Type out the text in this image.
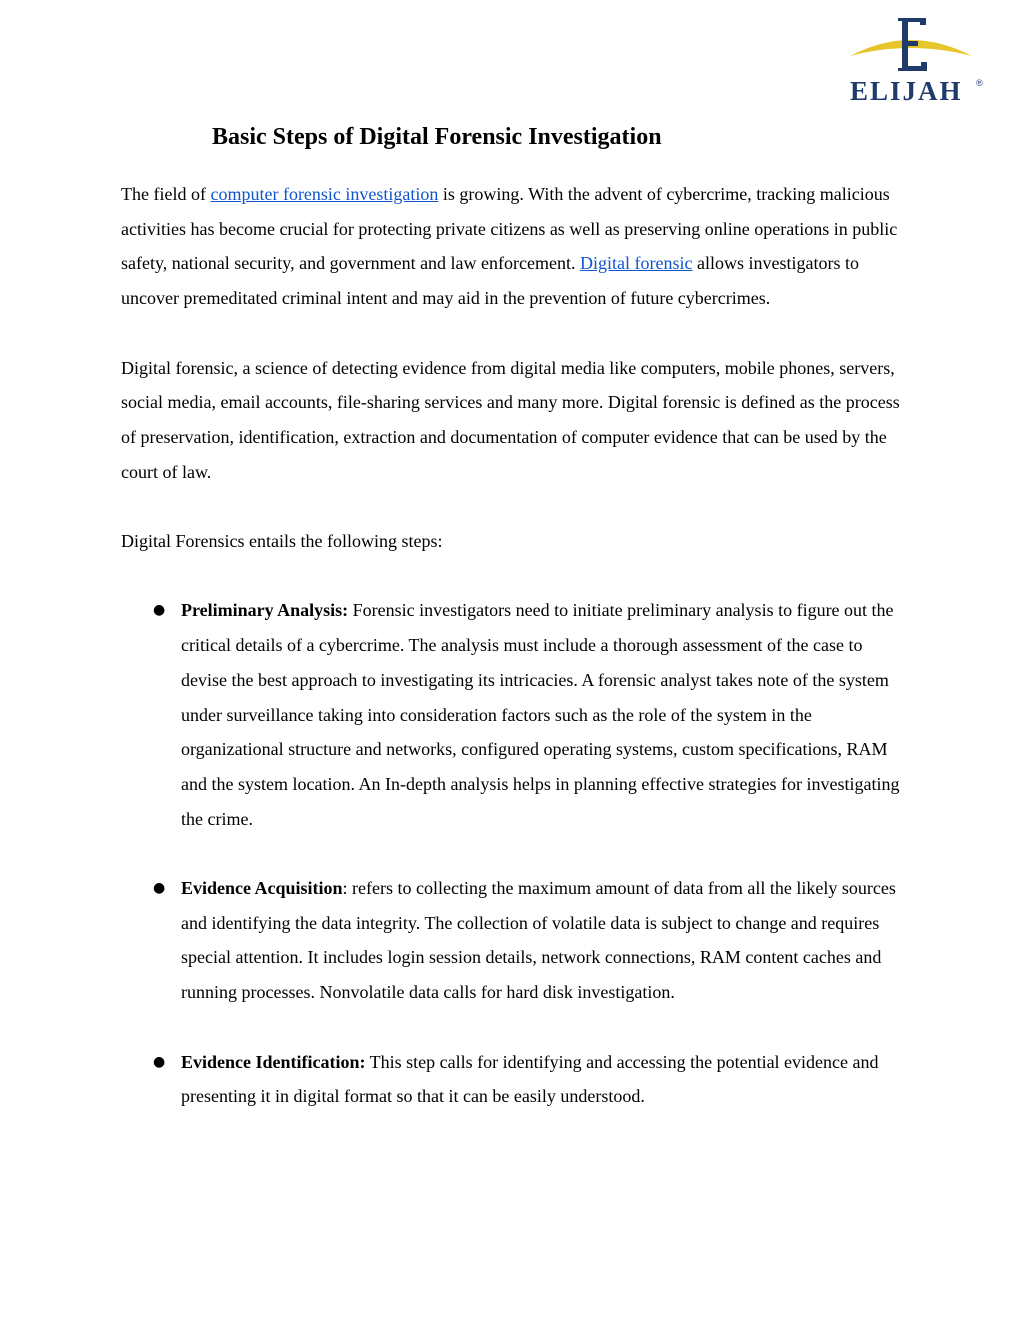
ELIJAH ®
Basic Steps of Digital Forensic Investigation

The field of computer forensic investigation is growing. With the advent of cybercrime, tracking malicious activities has become crucial for protecting private citizens as well as preserving online operations in public safety, national security, and government and law enforcement. Digital forensic allows investigators to uncover premeditated criminal intent and may aid in the prevention of future cybercrimes.

Digital forensic, a science of detecting evidence from digital media like computers, mobile phones, servers, social media, email accounts, file-sharing services and many more. Digital forensic is defined as the process of preservation, identification, extraction and documentation of computer evidence that can be used by the court of law.

Digital Forensics entails the following steps:

● Preliminary Analysis: Forensic investigators need to initiate preliminary analysis to figure out the critical details of a cybercrime. The analysis must include a thorough assessment of the case to devise the best approach to investigating its intricacies. A forensic analyst takes note of the system under surveillance taking into consideration factors such as the role of the system in the organizational structure and networks, configured operating systems, custom specifications, RAM and the system location. An In-depth analysis helps in planning effective strategies for investigating the crime.
● Evidence Acquisition: refers to collecting the maximum amount of data from all the likely sources and identifying the data integrity. The collection of volatile data is subject to change and requires special attention. It includes login session details, network connections, RAM content caches and running processes. Nonvolatile data calls for hard disk investigation.
● Evidence Identification: This step calls for identifying and accessing the potential evidence and presenting it in digital format so that it can be easily understood.
